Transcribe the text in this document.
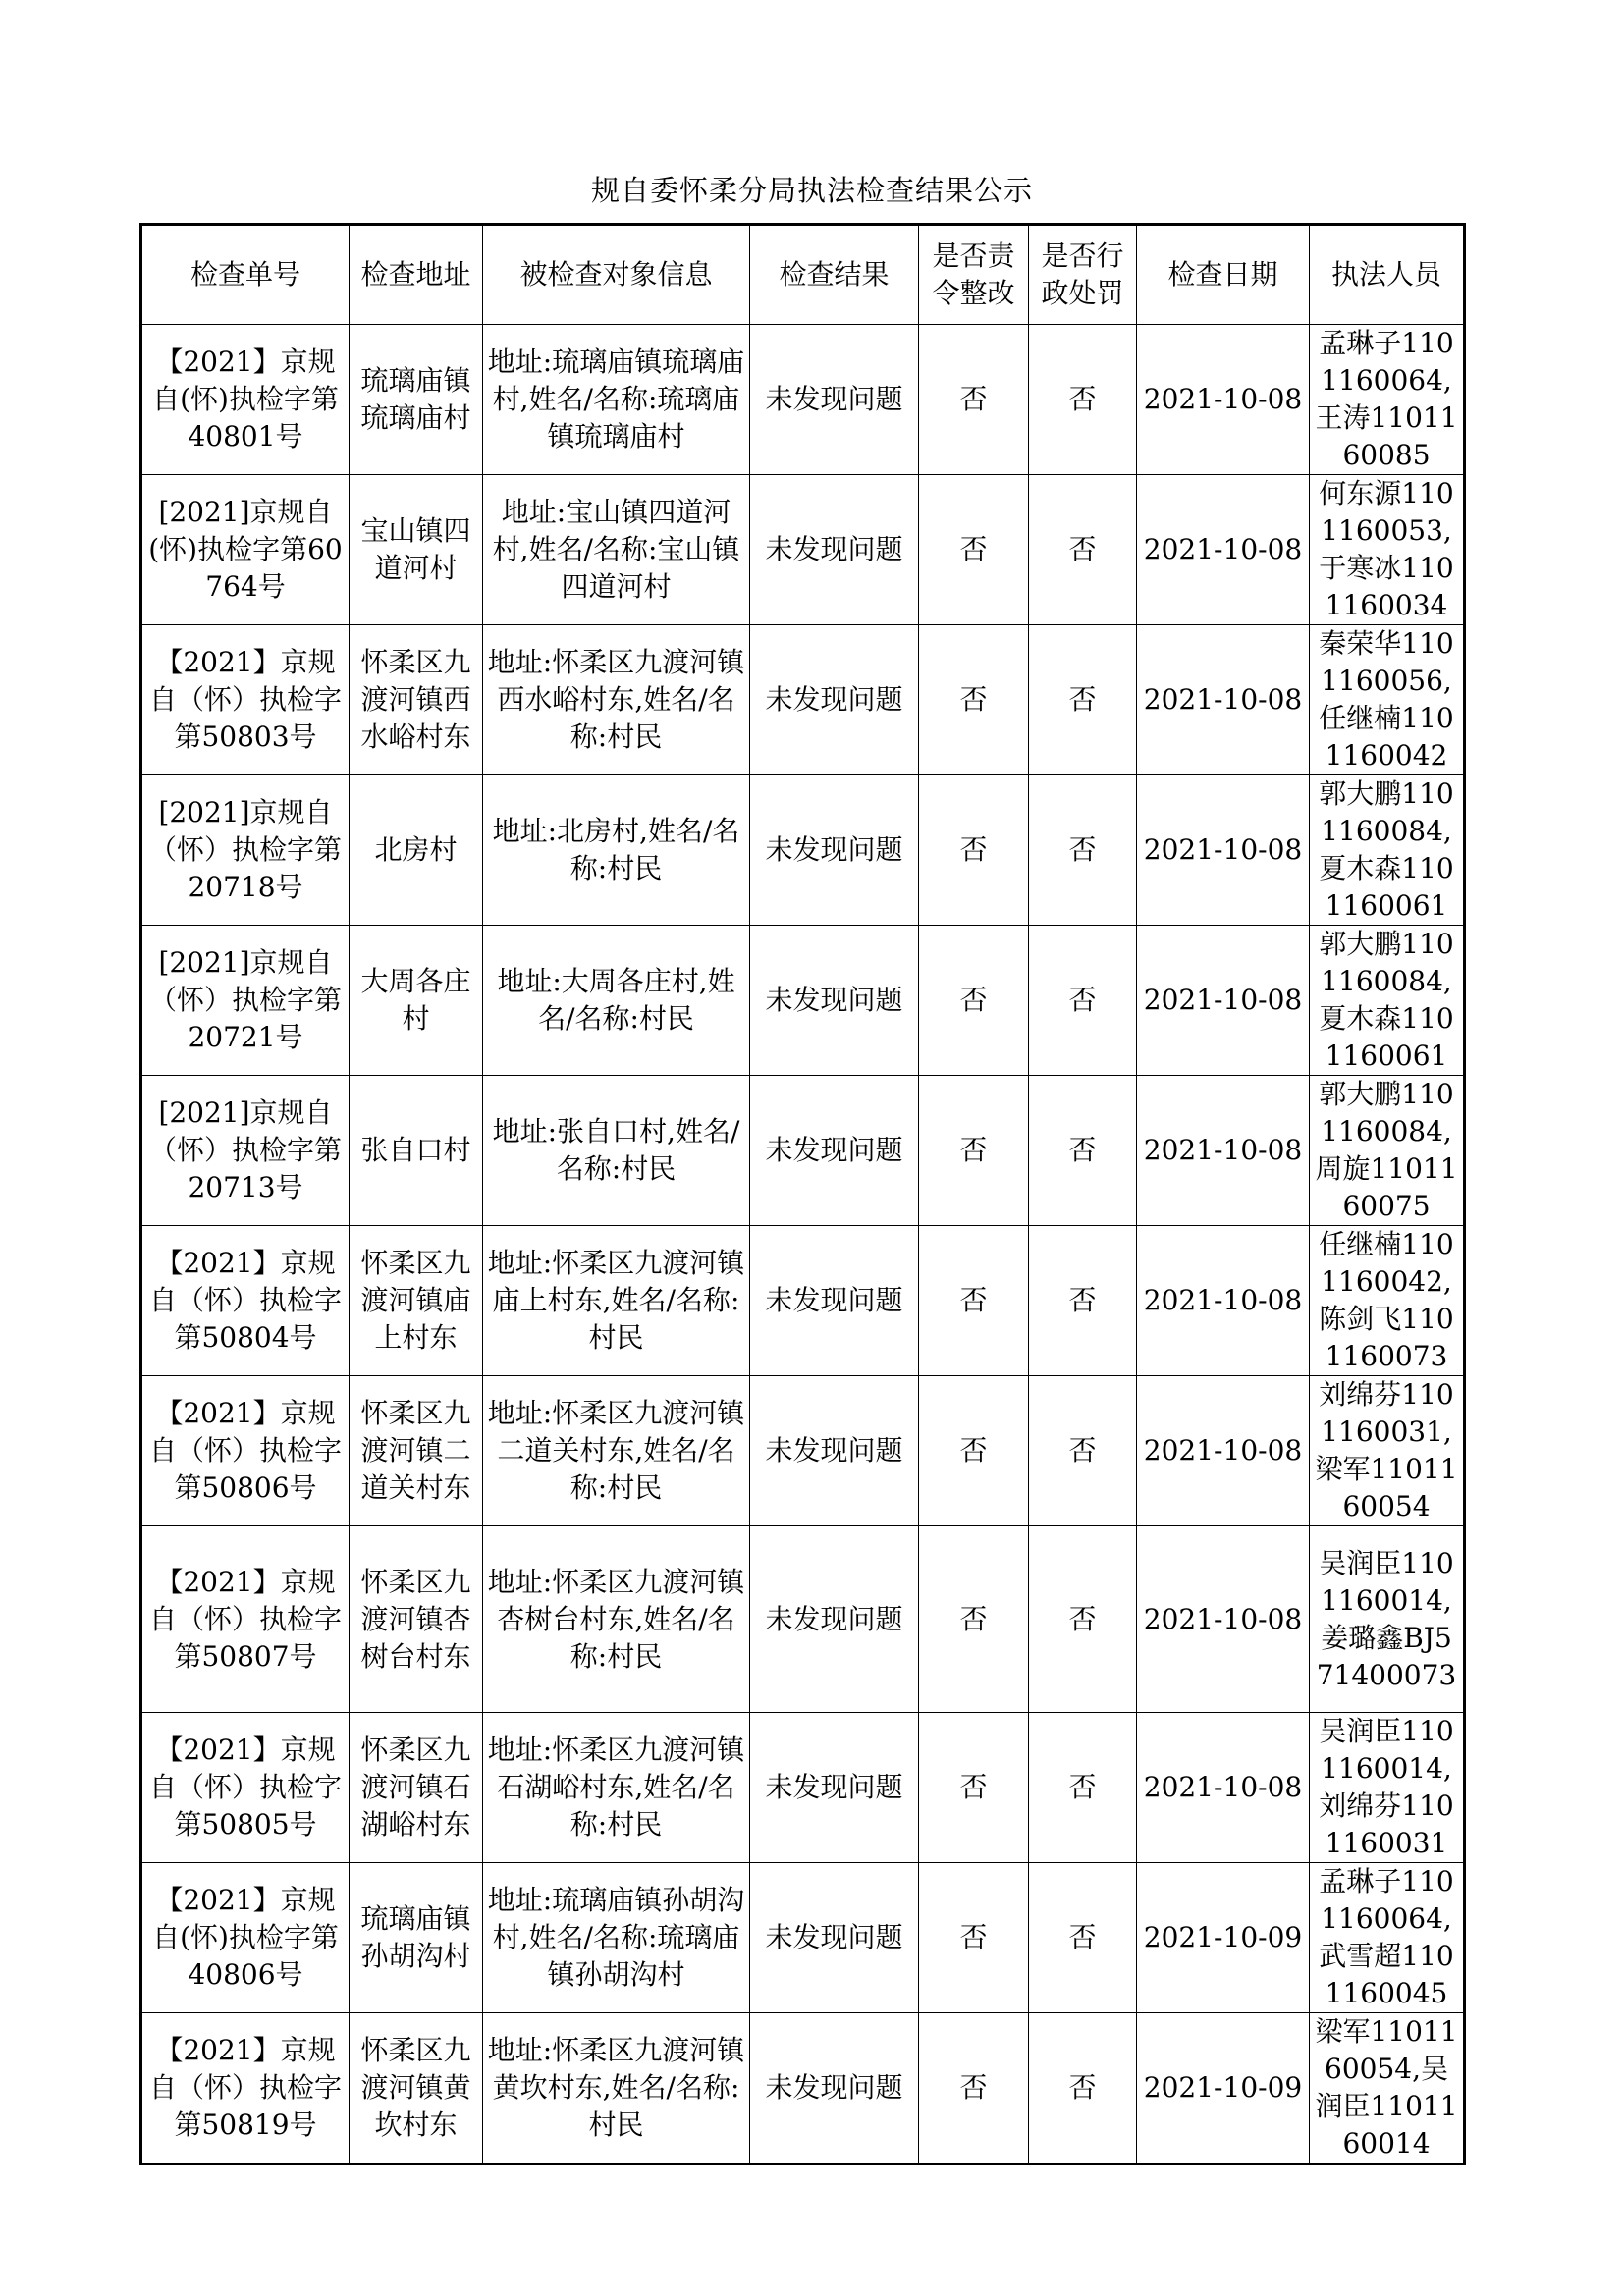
规自委怀柔分局执法检查结果公示
检查单号	检查地址	被检查对象信息	检查结果	是否责令整改	是否行政处罚	检查日期	执法人员
【2021】京规自(怀)执检字第40801号	琉璃庙镇琉璃庙村	地址:琉璃庙镇琉璃庙村,姓名/名称:琉璃庙镇琉璃庙村	未发现问题	否	否	2021-10-08	孟琳子1101160064,王涛1101160085
[2021]京规自(怀)执检字第60764号	宝山镇四道河村	地址:宝山镇四道河村,姓名/名称:宝山镇四道河村	未发现问题	否	否	2021-10-08	何东源1101160053,于寒冰1101160034
【2021】京规自（怀）执检字第50803号	怀柔区九渡河镇西水峪村东	地址:怀柔区九渡河镇西水峪村东,姓名/名称:村民	未发现问题	否	否	2021-10-08	秦荣华1101160056,任继楠1101160042
[2021]京规自（怀）执检字第20718号	北房村	地址:北房村,姓名/名称:村民	未发现问题	否	否	2021-10-08	郭大鹏1101160084,夏木森1101160061
[2021]京规自（怀）执检字第20721号	大周各庄村	地址:大周各庄村,姓名/名称:村民	未发现问题	否	否	2021-10-08	郭大鹏1101160084,夏木森1101160061
[2021]京规自（怀）执检字第20713号	张自口村	地址:张自口村,姓名/名称:村民	未发现问题	否	否	2021-10-08	郭大鹏1101160084,周旋1101160075
【2021】京规自（怀）执检字第50804号	怀柔区九渡河镇庙上村东	地址:怀柔区九渡河镇庙上村东,姓名/名称:村民	未发现问题	否	否	2021-10-08	任继楠1101160042,陈剑飞1101160073
【2021】京规自（怀）执检字第50806号	怀柔区九渡河镇二道关村东	地址:怀柔区九渡河镇二道关村东,姓名/名称:村民	未发现问题	否	否	2021-10-08	刘绵芬1101160031,梁军1101160054
【2021】京规自（怀）执检字第50807号	怀柔区九渡河镇杏树台村东	地址:怀柔区九渡河镇杏树台村东,姓名/名称:村民	未发现问题	否	否	2021-10-08	吴润臣1101160014,姜璐鑫BJ571400073
【2021】京规自（怀）执检字第50805号	怀柔区九渡河镇石湖峪村东	地址:怀柔区九渡河镇石湖峪村东,姓名/名称:村民	未发现问题	否	否	2021-10-08	吴润臣1101160014,刘绵芬1101160031
【2021】京规自(怀)执检字第40806号	琉璃庙镇孙胡沟村	地址:琉璃庙镇孙胡沟村,姓名/名称:琉璃庙镇孙胡沟村	未发现问题	否	否	2021-10-09	孟琳子1101160064,武雪超1101160045
【2021】京规自（怀）执检字第50819号	怀柔区九渡河镇黄坎村东	地址:怀柔区九渡河镇黄坎村东,姓名/名称:村民	未发现问题	否	否	2021-10-09	梁军1101160054,吴润臣1101160014
